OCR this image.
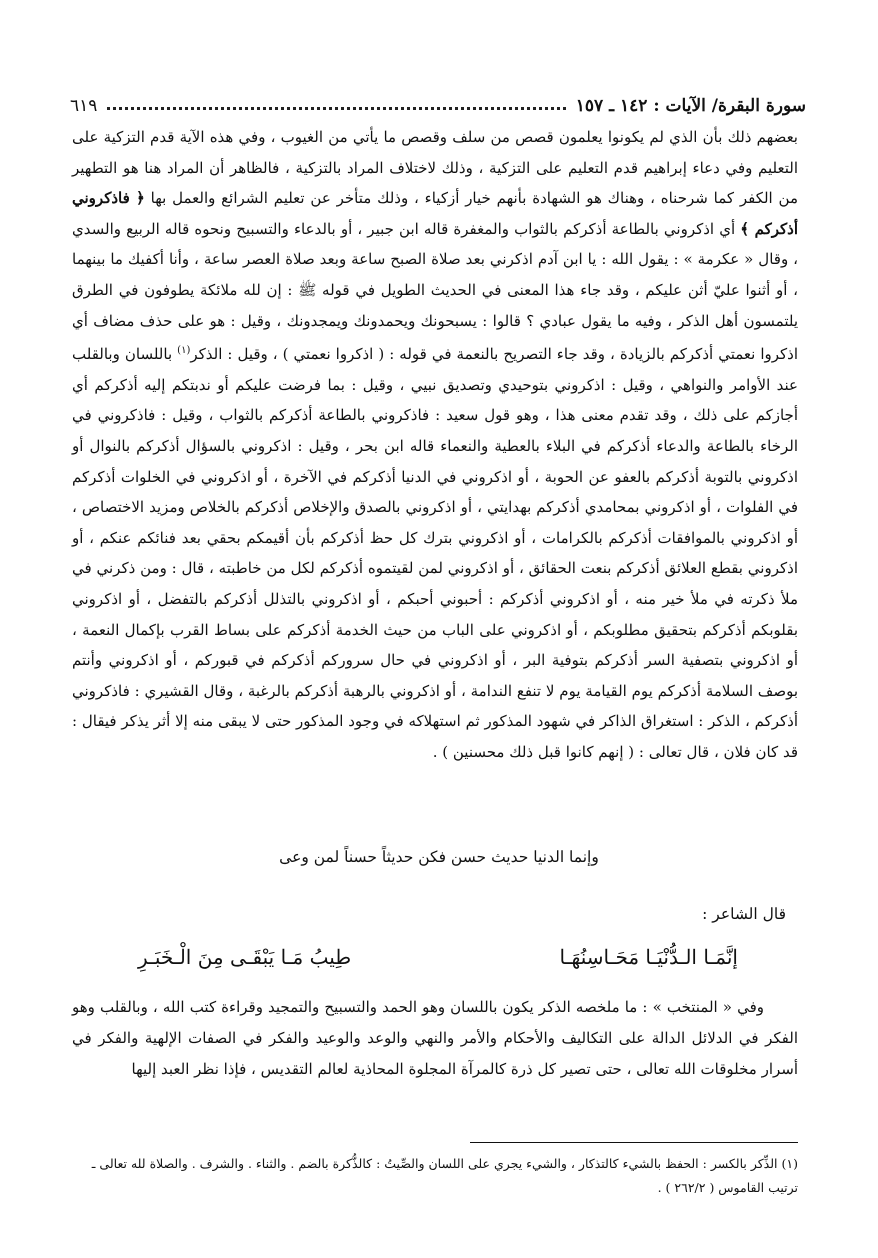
سورة البقرة/ الآيات : ١٤٢ ـ ١٥٧
٦١٩

بعضهم ذلك بأن الذي لم يكونوا يعلمون قصص من سلف وقصص ما يأتي من الغيوب ، وفي هذه الآية قدم التزكية على التعليم وفي دعاء إبراهيم قدم التعليم على التزكية ، وذلك لاختلاف المراد بالتزكية ، فالظاهر أن المراد هنا هو التطهير من الكفر كما شرحناه ، وهناك هو الشهادة بأنهم خيار أزكياء ، وذلك متأخر عن تعليم الشرائع والعمل بها ﴿ فاذكروني أذكركم ﴾ أي اذكروني بالطاعة أذكركم بالثواب والمغفرة قاله ابن جبير ، أو بالدعاء والتسبيح ونحوه قاله الربيع والسدي ، وقال « عكرمة » : يقول الله : يا ابن آدم اذكرني بعد صلاة الصبح ساعة وبعد صلاة العصر ساعة ، وأنا أكفيك ما بينهما ، أو أثنوا عليّ أثن عليكم ، وقد جاء هذا المعنى في الحديث الطويل في قوله ﷺ : إن لله ملائكة يطوفون في الطرق يلتمسون أهل الذكر ، وفيه ما يقول عبادي ؟ قالوا : يسبحونك ويحمدونك ويمجدونك ، وقيل : هو على حذف مضاف أي اذكروا نعمتي أذكركم بالزيادة ، وقد جاء التصريح بالنعمة في قوله : ( اذكروا نعمتي ) ، وقيل : الذكر$^{(١)}$ باللسان وبالقلب عند الأوامر والنواهي ، وقيل : اذكروني بتوحيدي وتصديق نبيي ، وقيل : بما فرضت عليكم أو ندبتكم إليه أذكركم أي أجازكم على ذلك ، وقد تقدم معنى هذا ، وهو قول سعيد : فاذكروني بالطاعة أذكركم بالثواب ، وقيل : فاذكروني في الرخاء بالطاعة والدعاء أذكركم في البلاء بالعطية والنعماء قاله ابن بحر ، وقيل : اذكروني بالسؤال أذكركم بالنوال أو اذكروني بالتوبة أذكركم بالعفو عن الحوبة ، أو اذكروني في الدنيا أذكركم في الآخرة ، أو اذكروني في الخلوات أذكركم في الفلوات ، أو اذكروني بمحامدي أذكركم بهدايتي ، أو اذكروني بالصدق والإخلاص أذكركم بالخلاص ومزيد الاختصاص ، أو اذكروني بالموافقات أذكركم بالكرامات ، أو اذكروني بترك كل حظ أذكركم بأن أقيمكم بحقي بعد فنائكم عنكم ، أو اذكروني بقطع العلائق أذكركم بنعت الحقائق ، أو اذكروني لمن لقيتموه أذكركم لكل من خاطبته ، قال : ومن ذكرني في ملأ ذكرته في ملأ خير منه ، أو اذكروني أذكركم : أحبوني أحبكم ، أو اذكروني بالتذلل أذكركم بالتفضل ، أو اذكروني بقلوبكم أذكركم بتحقيق مطلوبكم ، أو اذكروني على الباب من حيث الخدمة أذكركم على بساط القرب بإكمال النعمة ، أو اذكروني بتصفية السر أذكركم بتوفية البر ، أو اذكروني في حال سروركم أذكركم في قبوركم ، أو اذكروني وأنتم بوصف السلامة أذكركم يوم القيامة يوم لا تنفع الندامة ، أو اذكروني بالرهبة أذكركم بالرغبة ، وقال القشيري : فاذكروني أذكركم ، الذكر : استغراق الذاكر في شهود المذكور ثم استهلاكه في وجود المذكور حتى لا يبقى منه إلا أثر يذكر فيقال : قد كان فلان ، قال تعالى : ( إنهم كانوا قبل ذلك محسنين ) .

وإنما الدنيا حديث حسن فكن حديثاً حسناً لمن وعى
قال الشاعر :
إنَّمَـا الـدُّنْيَـا مَحَـاسِنُهَـا
طِيبُ مَـا يَبْقَـى مِنَ الْـخَبَـرِ

وفي « المنتخب » : ما ملخصه الذكر يكون باللسان وهو الحمد والتسبيح والتمجيد وقراءة كتب الله ، وبالقلب وهو الفكر في الدلائل الدالة على التكاليف والأحكام والأمر والنهي والوعد والوعيد والفكر في الصفات الإلهية والفكر في أسرار مخلوقات الله تعالى ، حتى تصير كل ذرة كالمرآة المجلوة المحاذية لعالم التقديس ، فإذا نظر العبد إليها

(١) الذِّكر بالكسر : الحفظ بالشيء كالتذكار ، والشيء يجري على اللسان والصِّيتُ : كالذُّكرة بالضم . والثناء . والشرف . والصلاة لله تعالى ـ ترتيب القاموس ( ٢٦٢/٢ ) .
